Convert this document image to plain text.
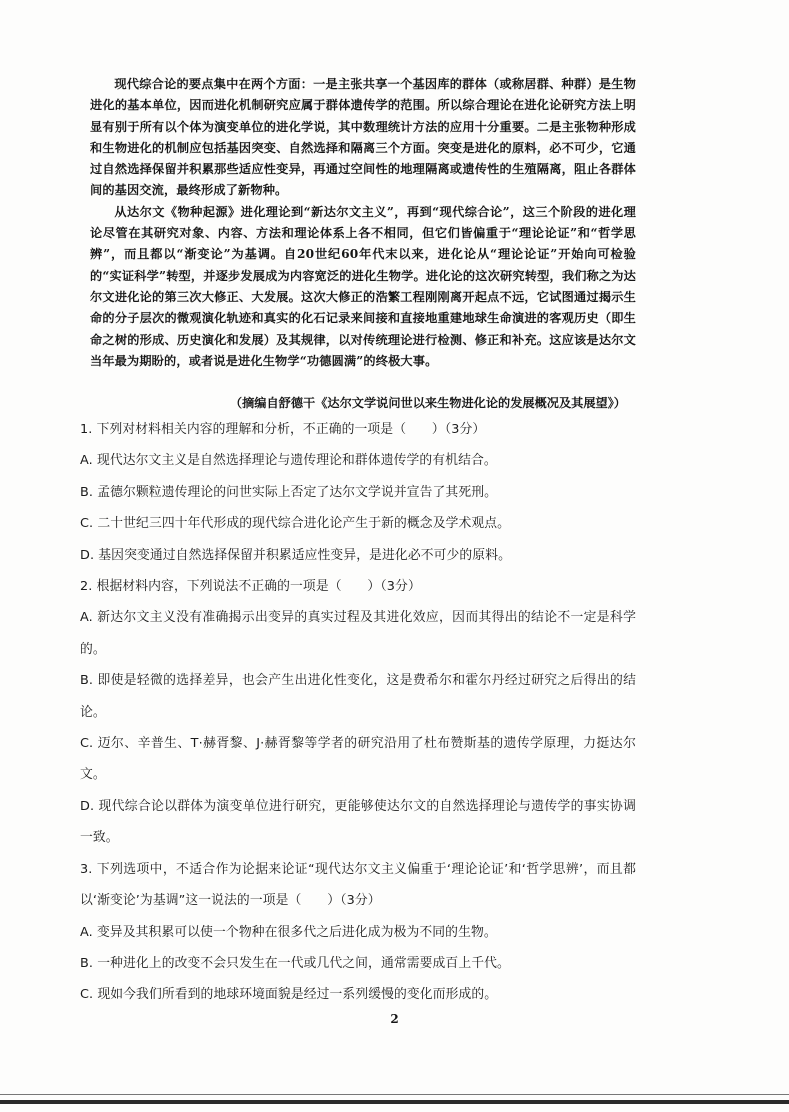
现代综合论的要点集中在两个方面：一是主张共享一个基因库的群体（或称居群、种群）是生物进化的基本单位，因而进化机制研究应属于群体遗传学的范围。所以综合理论在进化论研究方法上明显有别于所有以个体为演变单位的进化学说，其中数理统计方法的应用十分重要。二是主张物种形成和生物进化的机制应包括基因突变、自然选择和隔离三个方面。突变是进化的原料，必不可少，它通过自然选择保留并积累那些适应性变异，再通过空间性的地理隔离或遗传性的生殖隔离，阻止各群体间的基因交流，最终形成了新物种。

从达尔文《物种起源》进化理论到“新达尔文主义”，再到“现代综合论”，这三个阶段的进化理论尽管在其研究对象、内容、方法和理论体系上各不相同，但它们皆偏重于“理论论证”和“哲学思辨”，而且都以“渐变论”为基调。自20世纪60年代末以来，进化论从“理论论证”开始向可检验的“实证科学”转型，并逐步发展成为内容宽泛的进化生物学。进化论的这次研究转型，我们称之为达尔文进化论的第三次大修正、大发展。这次大修正的浩繁工程刚刚离开起点不远，它试图通过揭示生命的分子层次的微观演化轨迹和真实的化石记录来间接和直接地重建地球生命演进的客观历史（即生命之树的形成、历史演化和发展）及其规律，以对传统理论进行检测、修正和补充。这应该是达尔文当年最为期盼的，或者说是进化生物学“功德圆满”的终极大事。

（摘编自舒德干《达尔文学说问世以来生物进化论的发展概况及其展望》）

1. 下列对材料相关内容的理解和分析，不正确的一项是（　　）（3分）

A. 现代达尔文主义是自然选择理论与遗传理论和群体遗传学的有机结合。

B. 孟德尔颗粒遗传理论的问世实际上否定了达尔文学说并宣告了其死刑。

C. 二十世纪三四十年代形成的现代综合进化论产生于新的概念及学术观点。

D. 基因突变通过自然选择保留并积累适应性变异，是进化必不可少的原料。

2. 根据材料内容，下列说法不正确的一项是（　　）（3分）

A. 新达尔文主义没有准确揭示出变异的真实过程及其进化效应，因而其得出的结论不一定是科学的。

B. 即使是轻微的选择差异，也会产生出进化性变化，这是费希尔和霍尔丹经过研究之后得出的结论。

C. 迈尔、辛普生、T·赫胥黎、J·赫胥黎等学者的研究沿用了杜布赞斯基的遗传学原理，力挺达尔文。

D. 现代综合论以群体为演变单位进行研究，更能够使达尔文的自然选择理论与遗传学的事实协调一致。

3. 下列选项中，不适合作为论据来论证“现代达尔文主义偏重于‘理论论证’和‘哲学思辨’，而且都以‘渐变论’为基调”这一说法的一项是（　　）（3分）

A. 变异及其积累可以使一个物种在很多代之后进化成为极为不同的生物。

B. 一种进化上的改变不会只发生在一代或几代之间，通常需要成百上千代。

C. 现如今我们所看到的地球环境面貌是经过一系列缓慢的变化而形成的。

2
